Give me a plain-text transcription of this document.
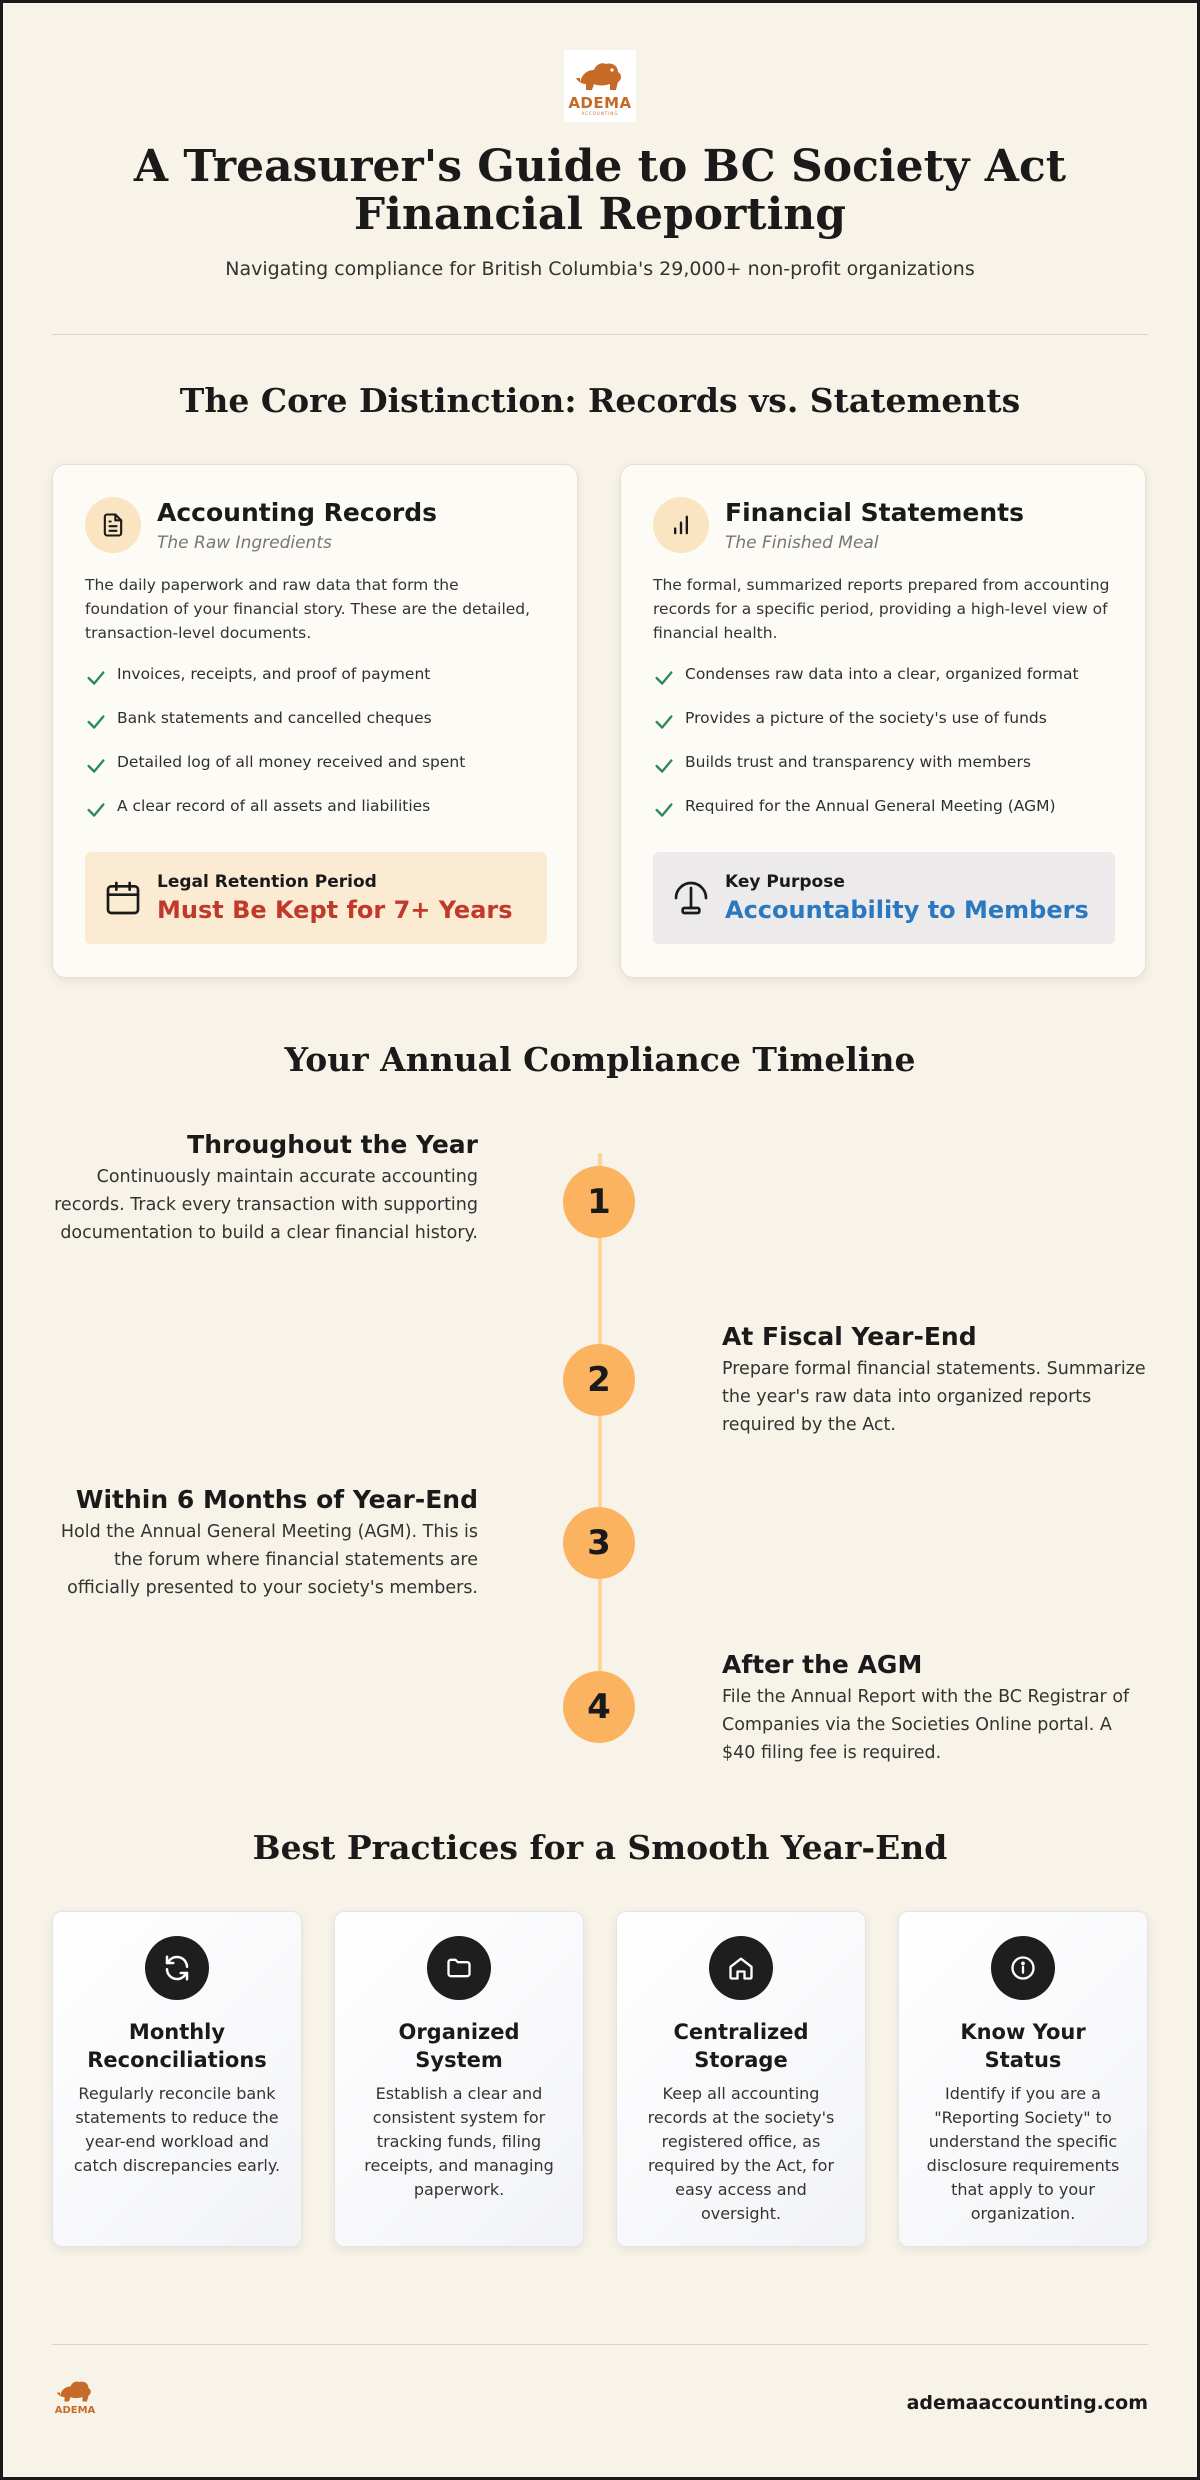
ADEMA
ACCOUNTING
A Treasurer's Guide to BC Society Act Financial Reporting

Navigating compliance for British Columbia's 29,000+ non-profit organizations

The Core Distinction: Records vs. Statements
Accounting Records
The Raw Ingredients

The daily paperwork and raw data that form the foundation of your financial story. These are the detailed, transaction-level documents.

Invoices, receipts, and proof of payment
Bank statements and cancelled cheques
Detailed log of all money received and spent
A clear record of all assets and liabilities
Legal Retention Period
Must Be Kept for 7+ Years
Financial Statements
The Finished Meal

The formal, summarized reports prepared from accounting records for a specific period, providing a high-level view of financial health.

Condenses raw data into a clear, organized format
Provides a picture of the society's use of funds
Builds trust and transparency with members
Required for the Annual General Meeting (AGM)
Key Purpose
Accountability to Members
Your Annual Compliance Timeline
Throughout the Year
Continuously maintain accurate accounting records. Track every transaction with supporting documentation to build a clear financial history.
1
At Fiscal Year-End
Prepare formal financial statements. Summarize the year's raw data into organized reports required by the Act.
2
Within 6 Months of Year-End
Hold the Annual General Meeting (AGM). This is the forum where financial statements are officially presented to your society's members.
3
After the AGM
File the Annual Report with the BC Registrar of Companies via the Societies Online portal. A $40 filing fee is required.
4
Best Practices for a Smooth Year-End
Monthly Reconciliations
Regularly reconcile bank statements to reduce the year-end workload and catch discrepancies early.
Organized System
Establish a clear and consistent system for tracking funds, filing receipts, and managing paperwork.
Centralized Storage
Keep all accounting records at the society's registered office, as required by the Act, for easy access and oversight.
Know Your Status
Identify if you are a "Reporting Society" to understand the specific disclosure requirements that apply to your organization.
ADEMA	ademaaccounting.com
